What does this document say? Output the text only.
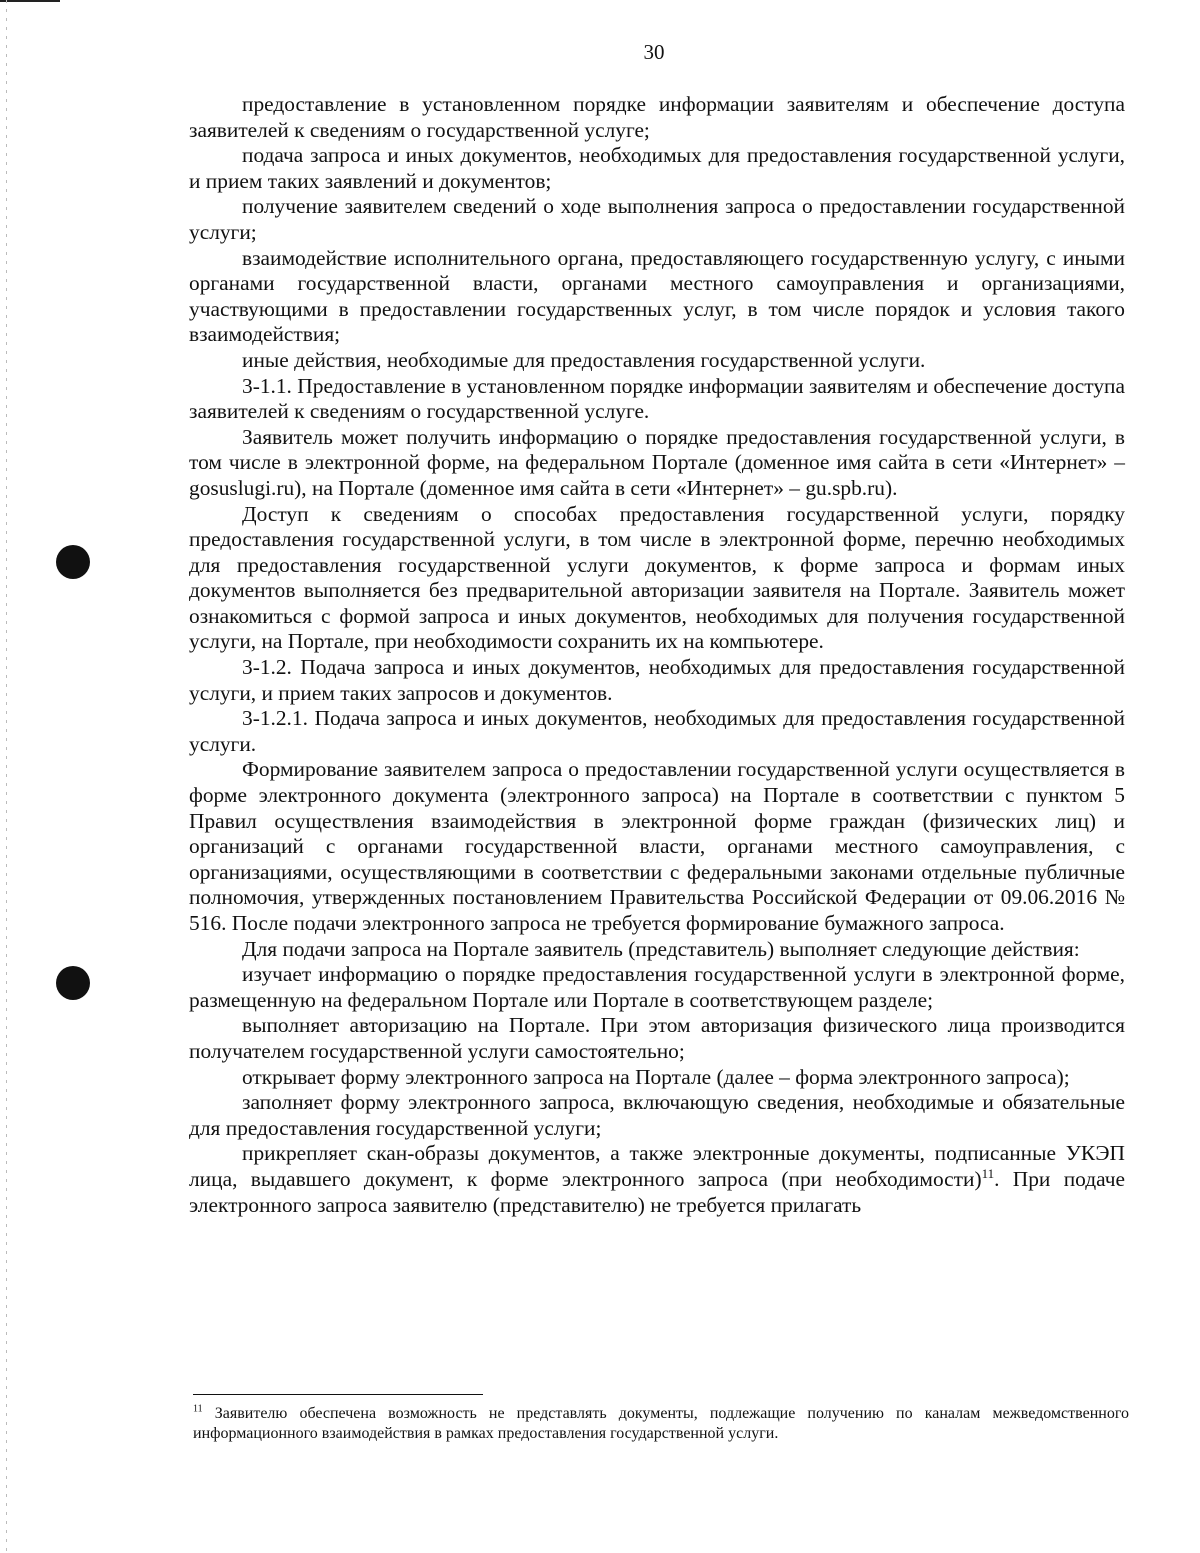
30

предоставление в установленном порядке информации заявителям и обеспечение доступа заявителей к сведениям о государственной услуге;

подача запроса и иных документов, необходимых для предоставления государственной услуги, и прием таких заявлений и документов;

получение заявителем сведений о ходе выполнения запроса о предоставлении государственной услуги;

взаимодействие исполнительного органа, предоставляющего государственную услугу, с иными органами государственной власти, органами местного самоуправления и организациями, участвующими в предоставлении государственных услуг, в том числе порядок и условия такого взаимодействия;

иные действия, необходимые для предоставления государственной услуги.

3-1.1. Предоставление в установленном порядке информации заявителям и обеспечение доступа заявителей к сведениям о государственной услуге.

Заявитель может получить информацию о порядке предоставления государственной услуги, в том числе в электронной форме, на федеральном Портале (доменное имя сайта в сети «Интернет» – gosuslugi.ru), на Портале (доменное имя сайта в сети «Интернет» – gu.spb.ru).

Доступ к сведениям о способах предоставления государственной услуги, порядку предоставления государственной услуги, в том числе в электронной форме, перечню необходимых для предоставления государственной услуги документов, к форме запроса и формам иных документов выполняется без предварительной авторизации заявителя на Портале. Заявитель может ознакомиться с формой запроса и иных документов, необходимых для получения государственной услуги, на Портале, при необходимости сохранить их на компьютере.

3-1.2. Подача запроса и иных документов, необходимых для предоставления государственной услуги, и прием таких запросов и документов.

3-1.2.1. Подача запроса и иных документов, необходимых для предоставления государственной услуги.

Формирование заявителем запроса о предоставлении государственной услуги осуществляется в форме электронного документа (электронного запроса) на Портале в соответствии с пунктом 5 Правил осуществления взаимодействия в электронной форме граждан (физических лиц) и организаций с органами государственной власти, органами местного самоуправления, с организациями, осуществляющими в соответствии с федеральными законами отдельные публичные полномочия, утвержденных постановлением Правительства Российской Федерации от 09.06.2016 № 516. После подачи электронного запроса не требуется формирование бумажного запроса.

Для подачи запроса на Портале заявитель (представитель) выполняет следующие действия:

изучает информацию о порядке предоставления государственной услуги в электронной форме, размещенную на федеральном Портале или Портале в соответствующем разделе;

выполняет авторизацию на Портале. При этом авторизация физического лица производится получателем государственной услуги самостоятельно;

открывает форму электронного запроса на Портале (далее – форма электронного запроса);

заполняет форму электронного запроса, включающую сведения, необходимые и обязательные для предоставления государственной услуги;

прикрепляет скан-образы документов, а также электронные документы, подписанные УКЭП лица, выдавшего документ, к форме электронного запроса (при необходимости)$^{11}$. При подаче электронного запроса заявителю (представителю) не требуется прилагать

$^{11}$ Заявителю обеспечена возможность не представлять документы, подлежащие получению по каналам межведомственного информационного взаимодействия в рамках предоставления государственной услуги.
